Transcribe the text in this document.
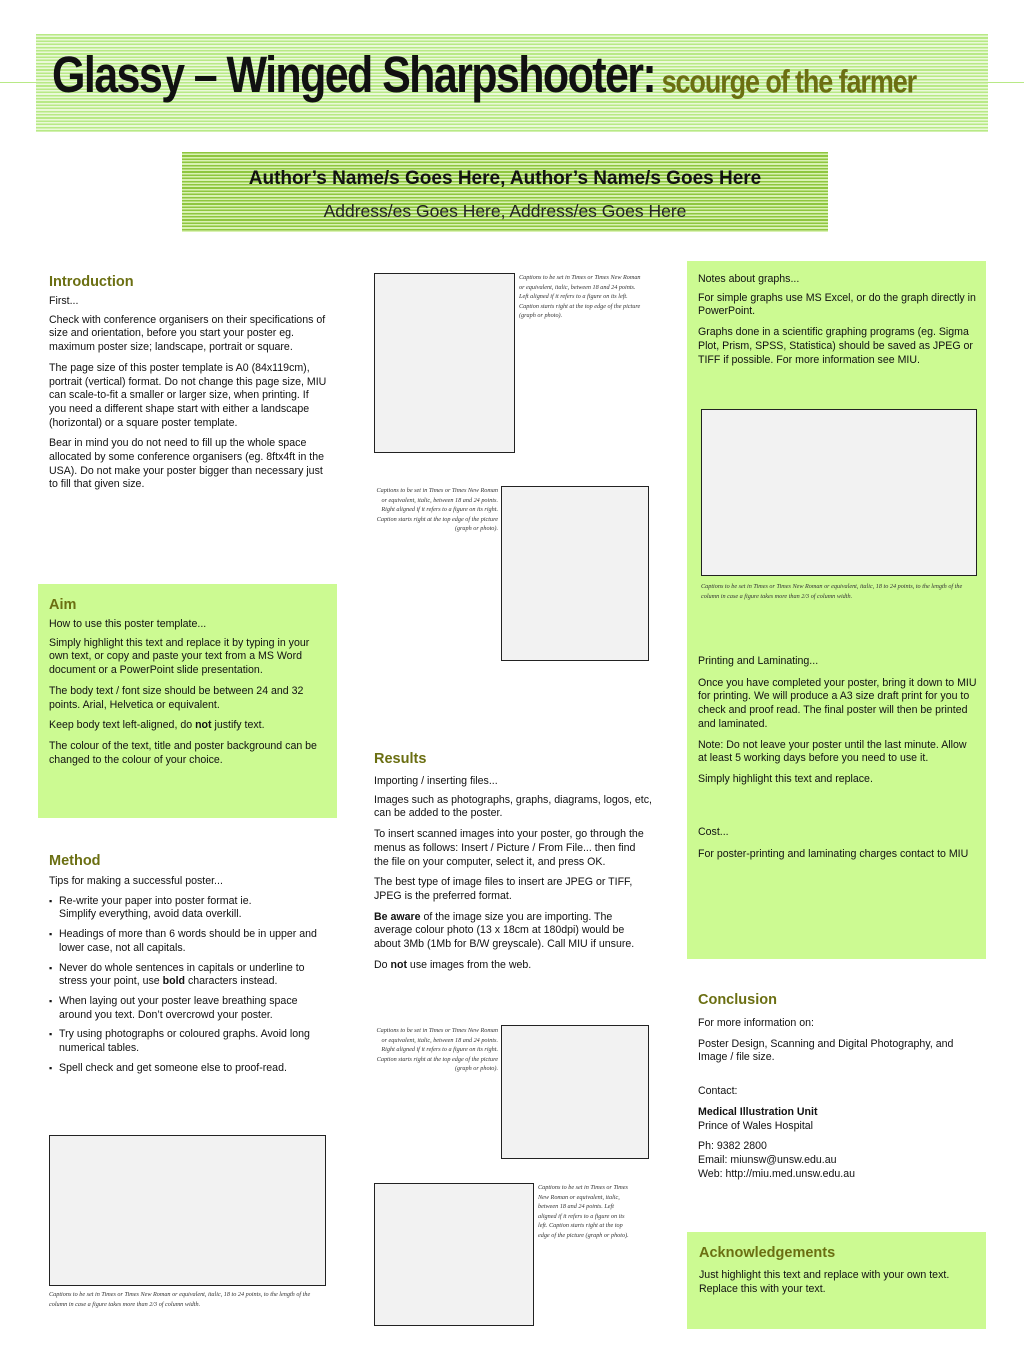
Glassy – Winged Sharpshooter: scourge of the farmer
Author’s Name/s Goes Here, Author’s Name/s Goes Here
Address/es Goes Here, Address/es Goes Here
Introduction

First...

Check with conference organisers on their specifications of size and orientation, before you start your poster eg. maximum poster size; landscape, portrait or square.

The page size of this poster template is A0 (84x119cm), portrait (vertical) format. Do not change this page size, MIU can scale-to-fit a smaller or larger size, when printing. If you need a different shape start with either a landscape (horizontal) or a square poster template.

Bear in mind you do not need to fill up the whole space allocated by some conference organisers (eg. 8ftx4ft in the USA). Do not make your poster bigger than necessary just to fill that given size.

Aim

How to use this poster template...

Simply highlight this text and replace it by typing in your own text, or copy and paste your text from a MS Word document or a PowerPoint slide presentation.

The body text / font size should be between 24 and 32 points. Arial, Helvetica or equivalent.

Keep body text left-aligned, do not justify text.

The colour of the text, title and poster background can be changed to the colour of your choice.

Method

Tips for making a successful poster...

▪ Re-write your paper into poster format ie.
Simplify everything, avoid data overkill.
▪ Headings of more than 6 words should be in upper and lower case, not all capitals.
▪ Never do whole sentences in capitals or underline to stress your point, use bold characters instead.
▪ When laying out your poster leave breathing space around you text. Don’t overcrowd your poster.
▪ Try using photographs or coloured graphs. Avoid long numerical tables.
▪ Spell check and get someone else to proof-read.
Captions to be set in Times or Times New Roman or equivalent, italic, 18 to 24 points, to the length of the column in case a figure takes more than 2/3 of column width.
Captions to be set in Times or Times New Roman or equivalent, italic, between 18 and 24 points. Left aligned if it refers to a figure on its left. Caption starts right at the top edge of the picture (graph or photo).
Captions to be set in Times or Times New Roman or equivalent, italic, between 18 and 24 points. Right aligned if it refers to a figure on its right. Caption starts right at the top edge of the picture (graph or photo).
Results

Importing / inserting files...

Images such as photographs, graphs, diagrams, logos, etc, can be added to the poster.

To insert scanned images into your poster, go through the menus as follows: Insert / Picture / From File... then find the file on your computer, select it, and press OK.

The best type of image files to insert are JPEG or TIFF, JPEG is the preferred format.

Be aware of the image size you are importing. The average colour photo (13 x 18cm at 180dpi) would be about 3Mb (1Mb for B/W greyscale). Call MIU if unsure.

Do not use images from the web.

Captions to be set in Times or Times New Roman or equivalent, italic, between 18 and 24 points. Right aligned if it refers to a figure on its right. Caption starts right at the top edge of the picture (graph or photo).
Captions to be set in Times or Times New Roman or equivalent, italic, between 18 and 24 points. Left aligned if it refers to a figure on its left. Caption starts right at the top edge of the picture (graph or photo).

Notes about graphs...

For simple graphs use MS Excel, or do the graph directly in PowerPoint.

Graphs done in a scientific graphing programs (eg. Sigma Plot, Prism, SPSS, Statistica) should be saved as JPEG or TIFF if possible. For more information see MIU.

Captions to be set in Times or Times New Roman or equivalent, italic, 18 to 24 points, to the length of the column in case a figure takes more than 2/3 of column width.

Printing and Laminating...

Once you have completed your poster, bring it down to MIU for printing. We will produce a A3 size draft print for you to check and proof read. The final poster will then be printed and laminated.

Note: Do not leave your poster until the last minute. Allow at least 5 working days before you need to use it.

Simply highlight this text and replace.

Cost...

For poster-printing and laminating charges contact to MIU

Conclusion

For more information on:

Poster Design, Scanning and Digital Photography, and Image / file size.

Contact:

Medical Illustration Unit
Prince of Wales Hospital

Ph: 9382 2800
Email: miunsw@unsw.edu.au
Web: http://miu.med.unsw.edu.au

Acknowledgements

Just highlight this text and replace with your own text. Replace this with your text.
